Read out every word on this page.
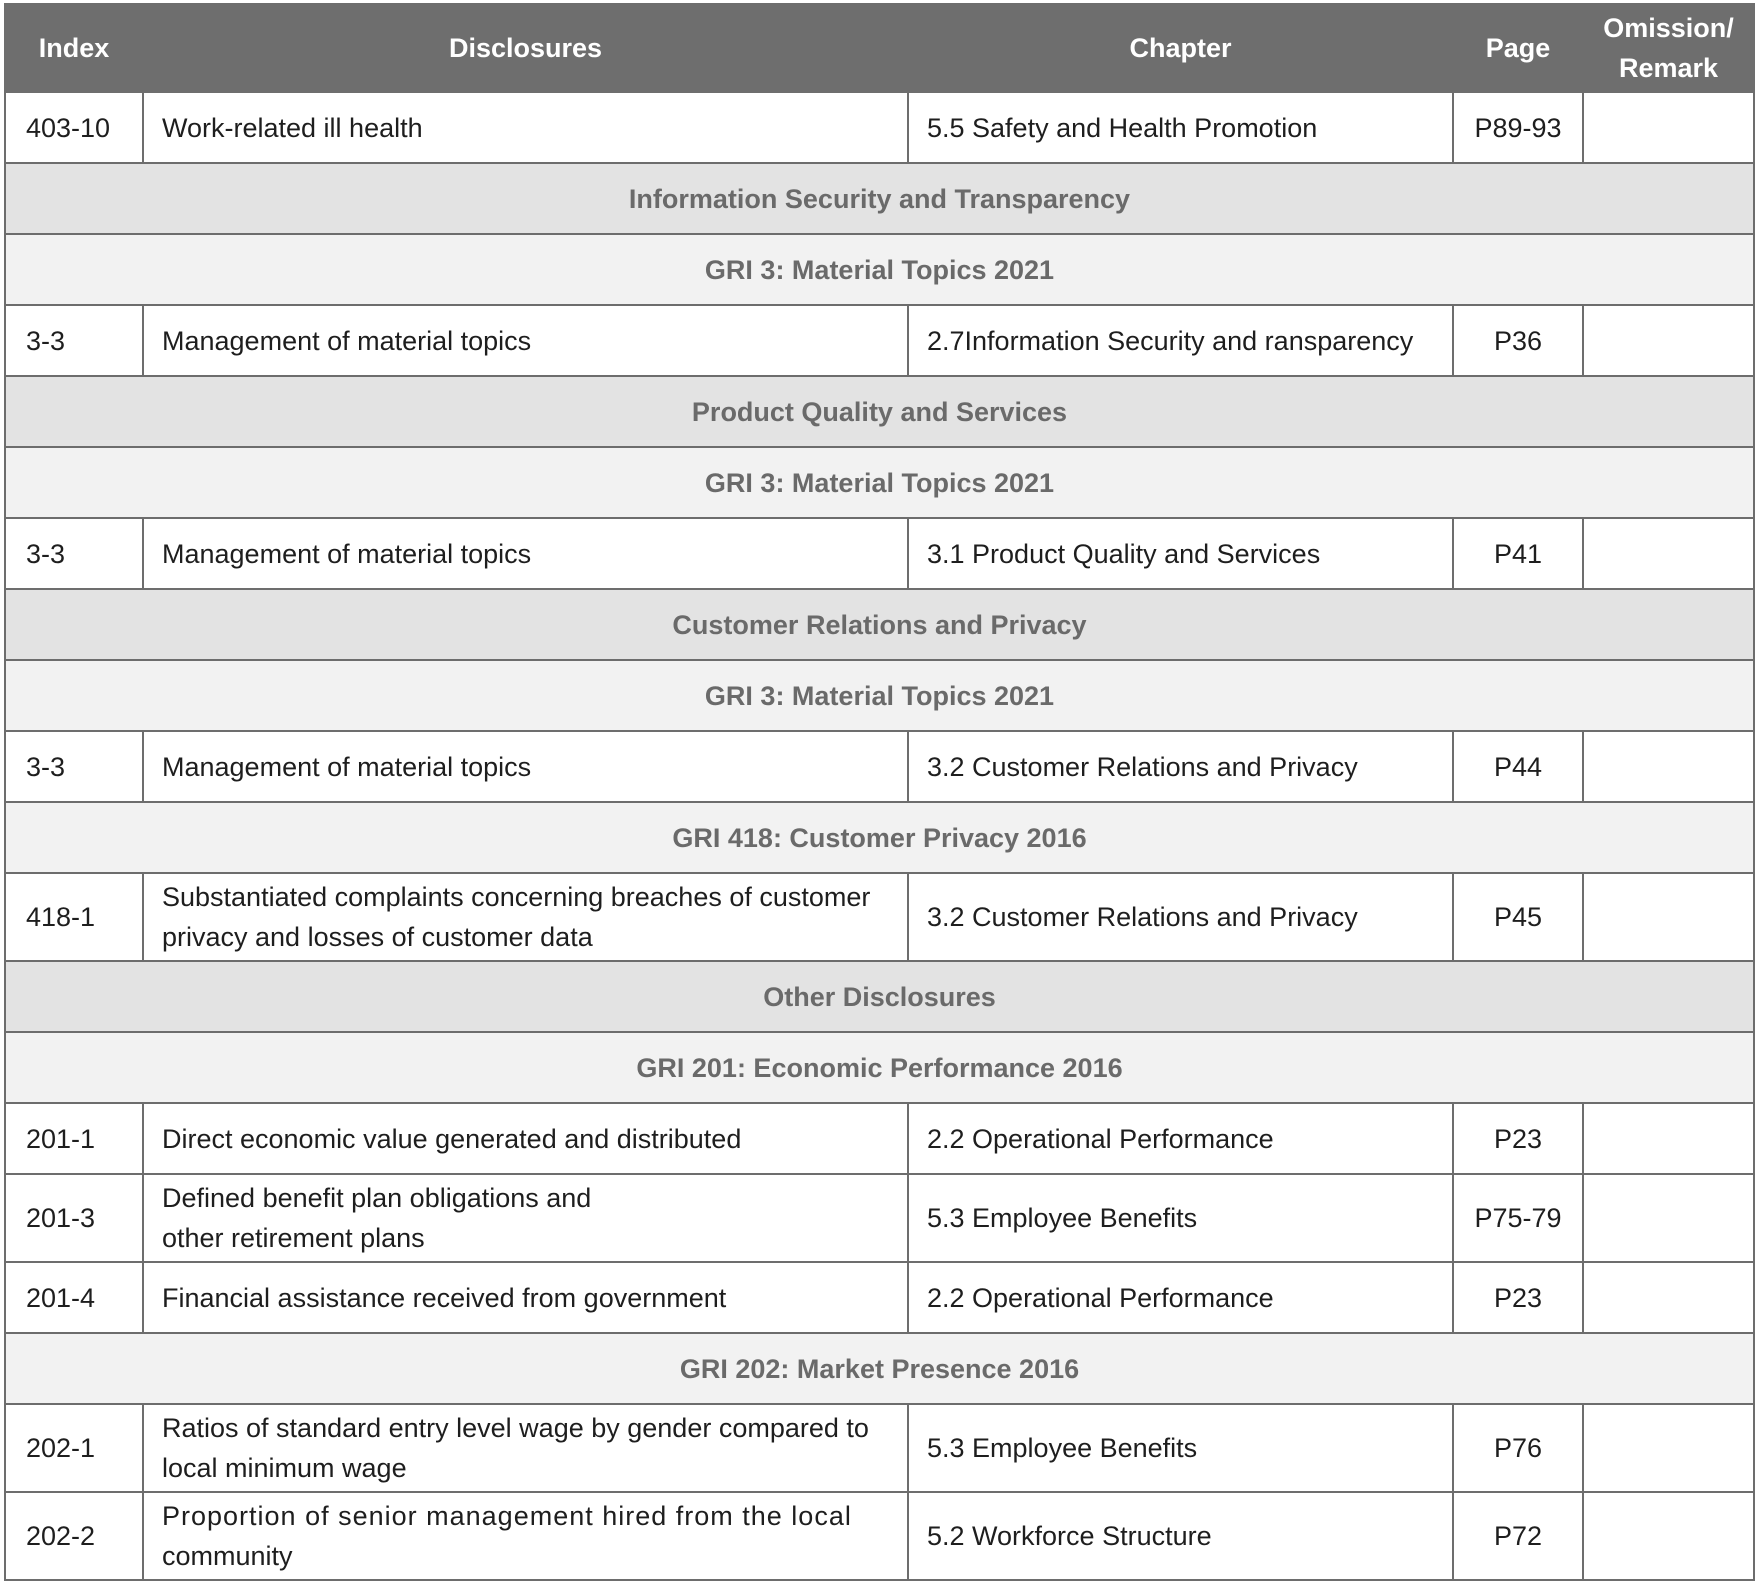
Index	Disclosures	Chapter	Page	Omission/
Remark
403-10	Work-related ill health	5.5 Safety and Health Promotion	P89-93	
Information Security and Transparency				
GRI 3: Material Topics 2021				
3-3	Management of material topics	2.7Information Security and ransparency	P36	
Product Quality and Services				
GRI 3: Material Topics 2021				
3-3	Management of material topics	3.1 Product Quality and Services	P41	
Customer Relations and Privacy				
GRI 3: Material Topics 2021				
3-3	Management of material topics	3.2 Customer Relations and Privacy	P44	
GRI 418: Customer Privacy 2016				
418-1	Substantiated complaints concerning breaches of customer
privacy and losses of customer data	3.2 Customer Relations and Privacy	P45	
Other Disclosures				
GRI 201: Economic Performance 2016				
201-1	Direct economic value generated and distributed	2.2 Operational Performance	P23	
201-3	Defined benefit plan obligations and
other retirement plans	5.3 Employee Benefits	P75-79	
201-4	Financial assistance received from government	2.2 Operational Performance	P23	
GRI 202: Market Presence 2016				
202-1	Ratios of standard entry level wage by gender compared to
local minimum wage	5.3 Employee Benefits	P76	
202-2	Proportion of senior management hired from the local
community	5.2 Workforce Structure	P72	
